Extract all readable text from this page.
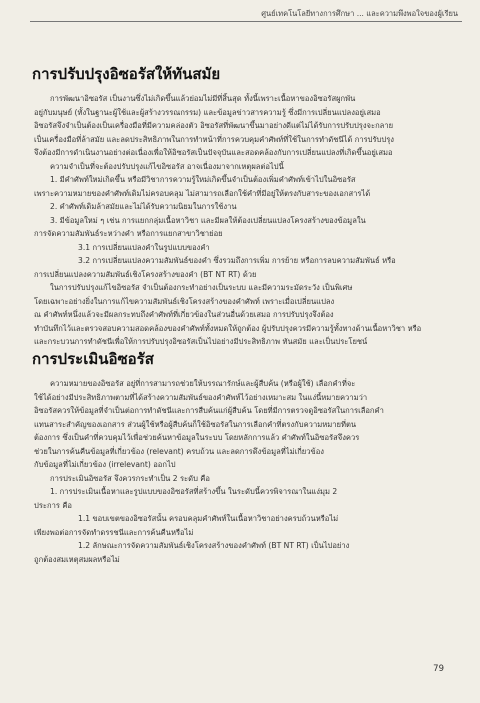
ศูนย์เทคโนโลยีทางการศึกษา ... และความพึงพอใจของผู้เรียน
การปรับปรุงอิซอรัสให้ทันสมัย

การพัฒนาอิซอรัส เป็นงานซึ่งไม่เกิดขึ้นแล้วย่อมไม่มีที่สิ้นสุด ทั้งนี้เพราะเนื้อหาของอิซอรัสผูกพัน

อยู่กับมนุษย์ (ทั้งในฐานะผู้ใช้และผู้สร้างวรรณกรรม) และข้อมูลข่าวสารความรู้ ซึ่งมีการเปลี่ยนแปลงอยู่เสมอ

อิซอรัสจึงจำเป็นต้องเป็นเครื่องมือที่มีความคล่องตัว อิซอรัสที่พัฒนาขึ้นมาอย่างดีแต่ไม่ได้รับการปรับปรุงจะกลาย

เป็นเครื่องมือที่ล้าสมัย และลดประสิทธิภาพในการทำหน้าที่การควบคุมคำศัพท์ที่ใช้ในการทำดัชนีได้ การปรับปรุง

จึงต้องมีการดำเนินงานอย่างต่อเนื่องเพื่อให้อิซอรัสเป็นปัจจุบันและสอดคล้องกับการเปลี่ยนแปลงที่เกิดขึ้นอยู่เสมอ

ความจำเป็นที่จะต้องปรับปรุงแก้ไขอิซอรัส อาจเนื่องมาจากเหตุผลต่อไปนี้

1. มีคำศัพท์ใหม่เกิดขึ้น หรือมีวิชาการความรู้ใหม่เกิดขึ้นจำเป็นต้องเพิ่มคำศัพท์เข้าไปในอิซอรัส

เพราะความหมายของคำศัพท์เดิมไม่ครอบคลุม ไม่สามารถเลือกใช้คำที่มีอยู่ให้ตรงกับสาระของเอกสารได้

2. คำศัพท์เดิมล้าสมัยและไม่ได้รับความนิยมในการใช้งาน

3. มีข้อมูลใหม่ ๆ เช่น การแยกกลุ่มเนื้อหาวิชา และมีผลให้ต้องเปลี่ยนแปลงโครงสร้างของข้อมูลใน

การจัดความสัมพันธ์ระหว่างคำ หรือการแยกสาขาวิชาย่อย

3.1 การเปลี่ยนแปลงคำในรูปแบบของคำ

3.2 การเปลี่ยนแปลงความสัมพันธ์ของคำ ซึ่งรวมถึงการเพิ่ม การย้าย หรือการลบความสัมพันธ์ หรือ

การเปลี่ยนแปลงความสัมพันธ์เชิงโครงสร้างของคำ (BT NT RT) ด้วย

ในการปรับปรุงแก้ไขอิซอรัส จำเป็นต้องกระทำอย่างเป็นระบบ และมีความระมัดระวัง เป็นพิเศษ

โดยเฉพาะอย่างยิ่งในการแก้ไขความสัมพันธ์เชิงโครงสร้างของคำศัพท์ เพราะเมื่อเปลี่ยนแปลง

ณ คำศัพท์หนึ่งแล้วจะมีผลกระทบถึงคำศัพท์ที่เกี่ยวข้องในส่วนอื่นด้วยเสมอ การปรับปรุงจึงต้อง

ทำบันทึกไว้และตรวจสอบความสอดคล้องของคำศัพท์ทั้งหมดให้ถูกต้อง ผู้ปรับปรุงควรมีความรู้ทั้งทางด้านเนื้อหาวิชา หรือ

และกระบวนการทำดัชนีเพื่อให้การปรับปรุงอิซอรัสเป็นไปอย่างมีประสิทธิภาพ ทันสมัย และเป็นประโยชน์

การประเมินอิซอรัส

ความหมายของอิซอรัส อยู่ที่การสามารถช่วยให้บรรณารักษ์และผู้สืบค้น (หรือผู้ใช้) เลือกคำที่จะ

ใช้ได้อย่างมีประสิทธิภาพตามที่ได้สร้างความสัมพันธ์ของคำศัพท์ไว้อย่างเหมาะสม ในแง่นี้หมายความว่า

อิซอรัสควรให้ข้อมูลที่จำเป็นต่อการทำดัชนีและการสืบค้นแก่ผู้สืบค้น โดยที่มีการตรวจดูอิซอรัสในการเลือกคำ

แทนสาระสำคัญของเอกสาร ส่วนผู้ใช้หรือผู้สืบค้นก็ใช้อิซอรัสในการเลือกคำที่ตรงกับความหมายที่ตน

ต้องการ ซึ่งเป็นคำที่ควบคุมไว้เพื่อช่วยค้นหาข้อมูลในระบบ โดยหลักการแล้ว คำศัพท์ในอิซอรัสจึงควร

ช่วยในการค้นคืนข้อมูลที่เกี่ยวข้อง (relevant) ครบถ้วน และลดการดึงข้อมูลที่ไม่เกี่ยวข้อง

กับข้อมูลที่ไม่เกี่ยวข้อง (irrelevant) ออกไป

การประเมินอิซอรัส จึงควรกระทำเป็น 2 ระดับ คือ

1. การประเมินเนื้อหาและรูปแบบของอิซอรัสที่สร้างขึ้น ในระดับนี้ควรพิจารณาในแง่มุม 2

ประการ คือ

1.1 ขอบเขตของอิซอรัสนั้น ครอบคลุมคำศัพท์ในเนื้อหาวิชาอย่างครบถ้วนหรือไม่

เพียงพอต่อการจัดทำดรรชนีและการค้นคืนหรือไม่

1.2 ลักษณะการจัดความสัมพันธ์เชิงโครงสร้างของคำศัพท์ (BT NT RT) เป็นไปอย่าง

ถูกต้องสมเหตุสมผลหรือไม่

79
